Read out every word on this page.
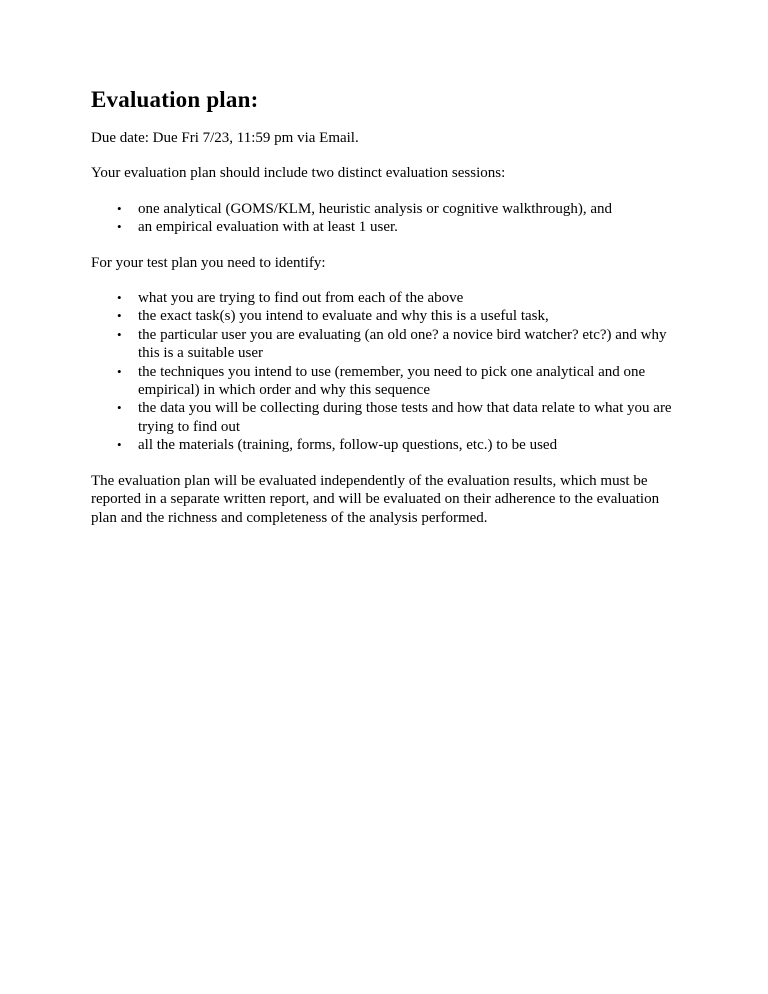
Evaluation plan:

Due date: Due Fri 7/23, 11:59 pm via Email.

Your evaluation plan should include two distinct evaluation sessions:

• one analytical (GOMS/KLM, heuristic analysis or cognitive walkthrough), and
• an empirical evaluation with at least 1 user.

For your test plan you need to identify:

• what you are trying to find out from each of the above
• the exact task(s) you intend to evaluate and why this is a useful task,
• the particular user you are evaluating (an old one? a novice bird watcher? etc?) and why this is a suitable user
• the techniques you intend to use (remember, you need to pick one analytical and one empirical) in which order and why this sequence
• the data you will be collecting during those tests and how that data relate to what you are trying to find out
• all the materials (training, forms, follow-up questions, etc.) to be used

The evaluation plan will be evaluated independently of the evaluation results, which must be reported in a separate written report, and will be evaluated on their adherence to the evaluation plan and the richness and completeness of the analysis performed.
